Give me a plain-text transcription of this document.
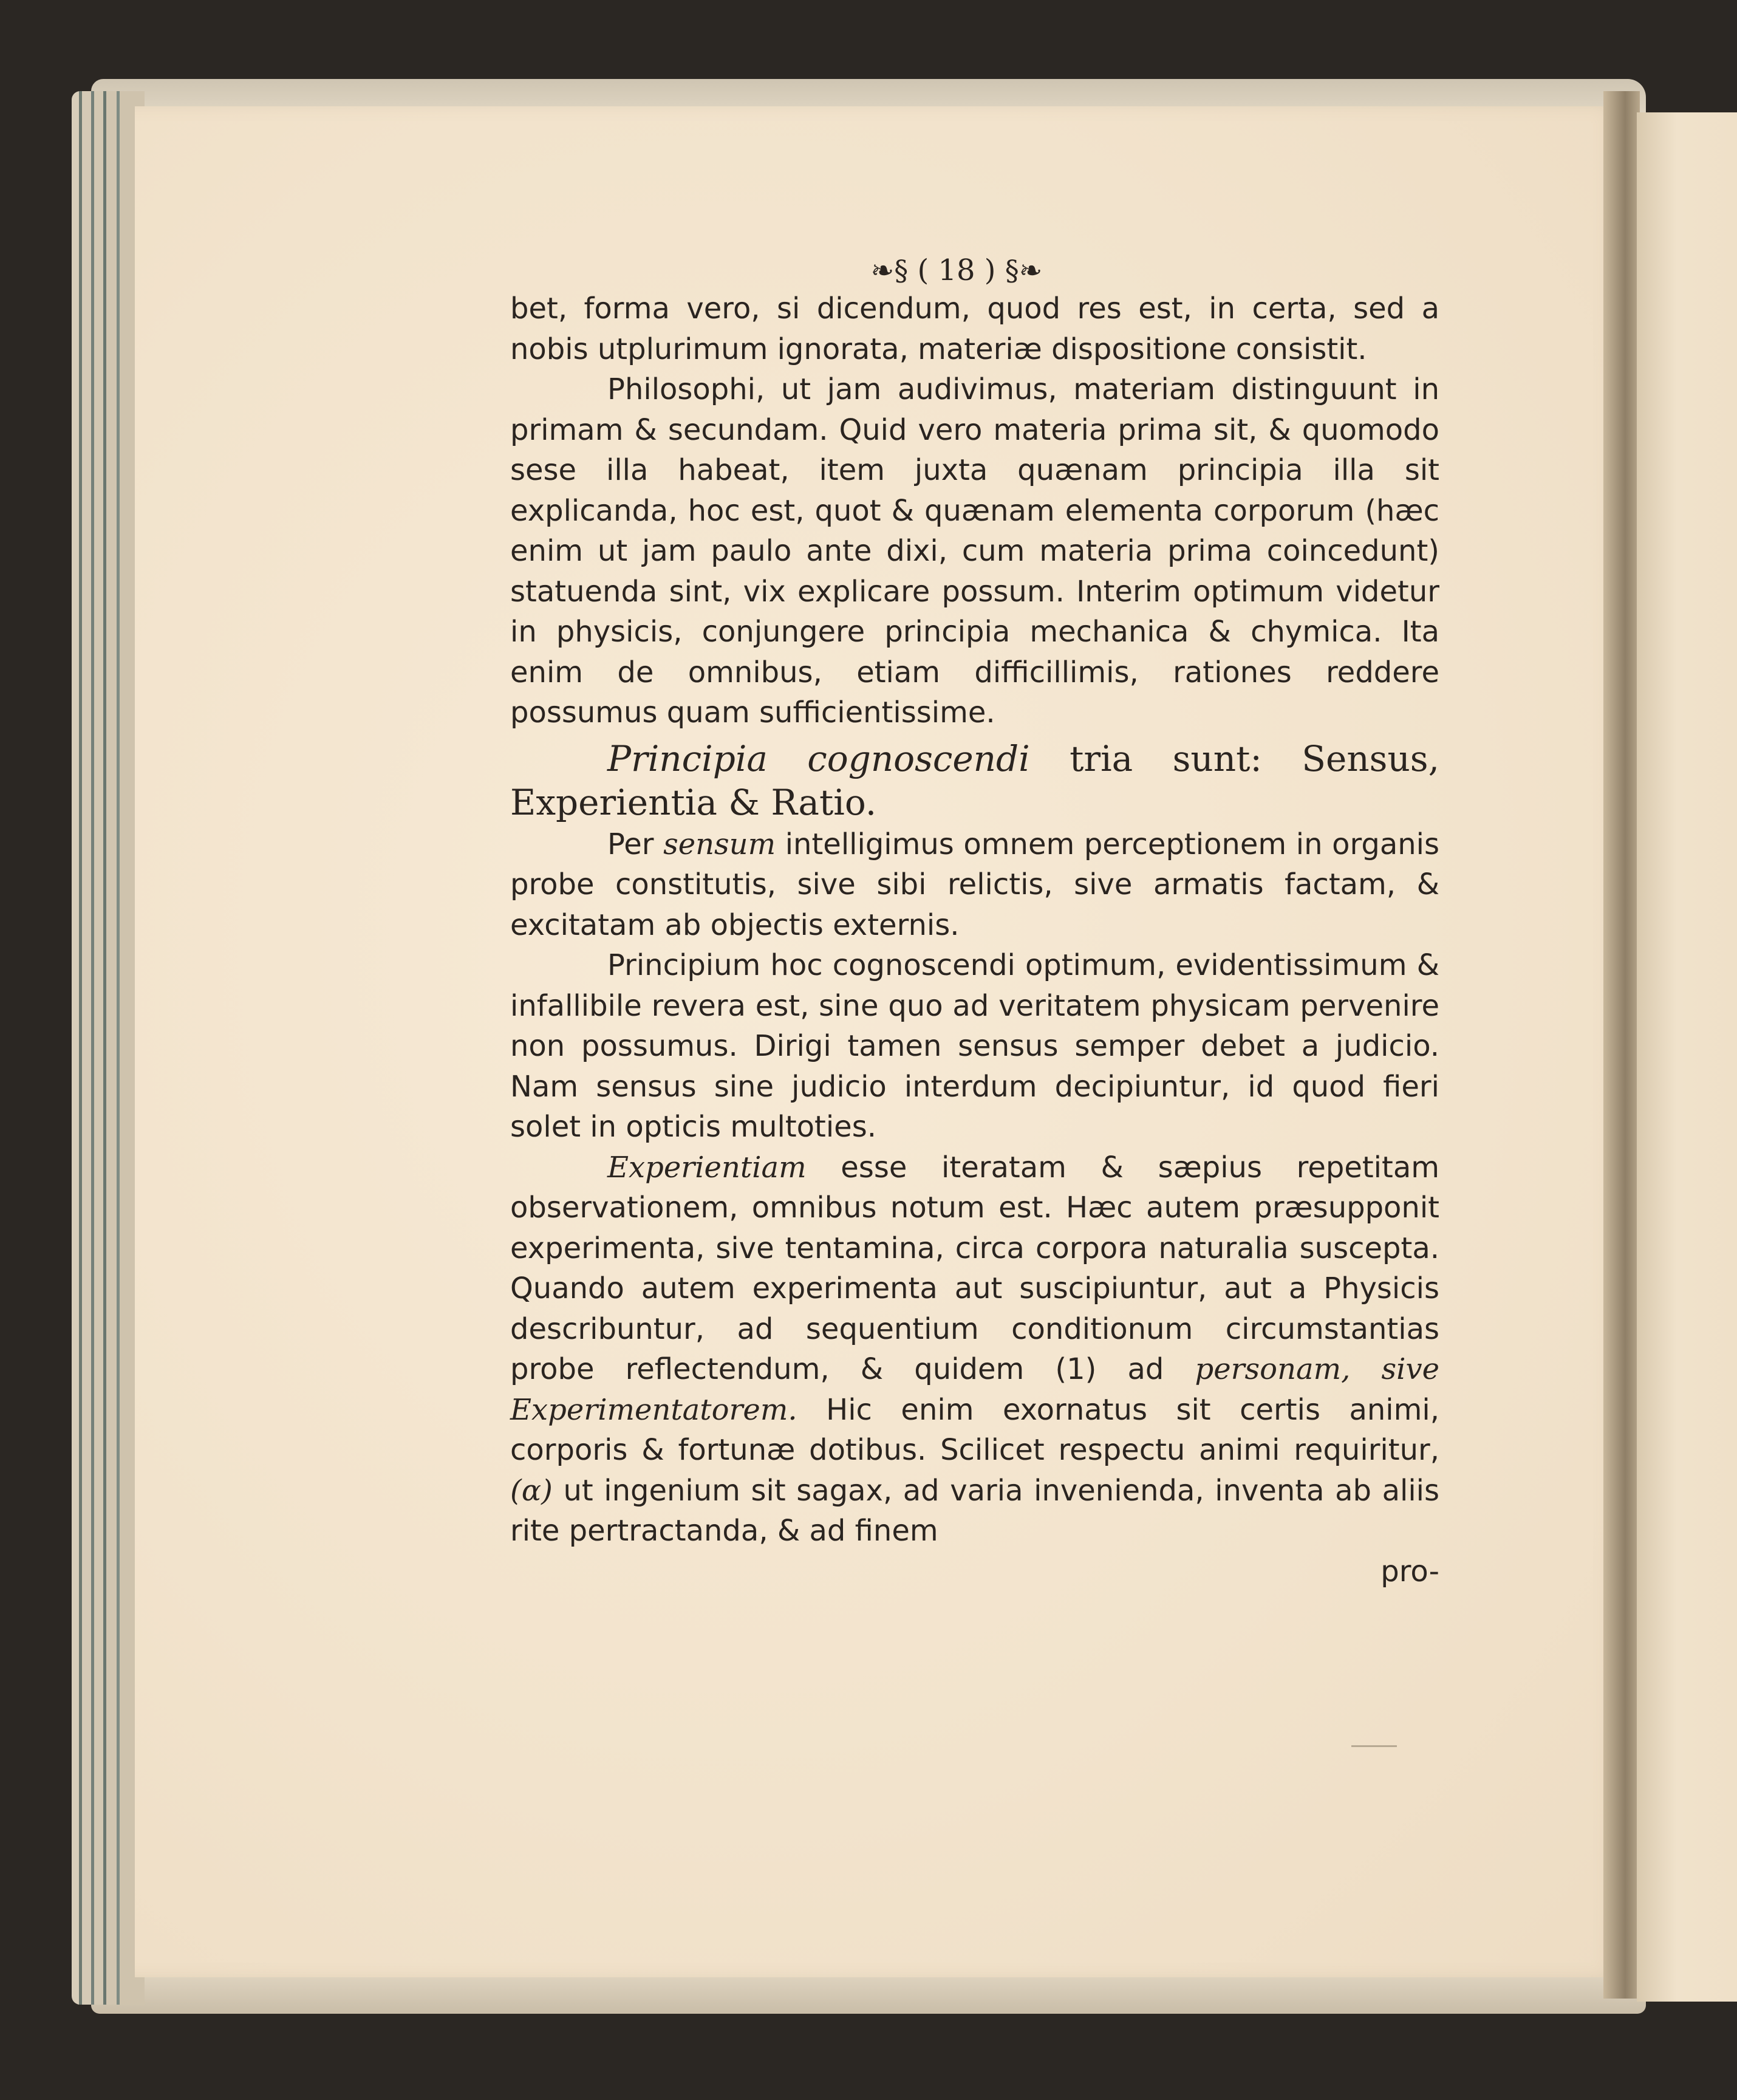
❧§ ( 18 ) §❧

bet, forma vero, si dicendum, quod res est, in certa, sed a nobis utplurimum ignorata, materiæ dispositione consistit.

Philosophi, ut jam audivimus, materiam distinguunt in primam & secundam. Quid vero materia prima sit, & quomodo sese illa habeat, item juxta quænam principia illa sit explicanda, hoc est, quot & quænam elementa corporum (hæc enim ut jam paulo ante dixi, cum materia prima coincedunt) statuenda sint, vix explicare possum. Interim optimum videtur in physicis, conjungere principia mechanica & chymica. Ita enim de omnibus, etiam difficillimis, rationes reddere possumus quam sufficientissime.

Principia cognoscendi tria sunt: Sensus, Experientia & Ratio.

Per sensum intelligimus omnem perceptionem in organis probe constitutis, sive sibi relictis, sive armatis factam, & excitatam ab objectis externis.

Principium hoc cognoscendi optimum, evidentissimum & infallibile revera est, sine quo ad veritatem physicam pervenire non possumus. Dirigi tamen sensus semper debet a judicio. Nam sensus sine judicio interdum decipiuntur, id quod fieri solet in opticis multoties.

Experientiam esse iteratam & sæpius repetitam observationem, omnibus notum est. Hæc autem præsupponit experimenta, sive tentamina, circa corpora naturalia suscepta. Quando autem experimenta aut suscipiuntur, aut a Physicis describuntur, ad sequentium conditionum circumstantias probe reflectendum, & quidem (1) ad personam, sive Experimentatorem. Hic enim exornatus sit certis animi, corporis & fortunæ dotibus. Scilicet respectu animi requiritur, (α) ut ingenium sit sagax, ad varia invenienda, inventa ab aliis rite pertractanda, & ad finem

pro-
